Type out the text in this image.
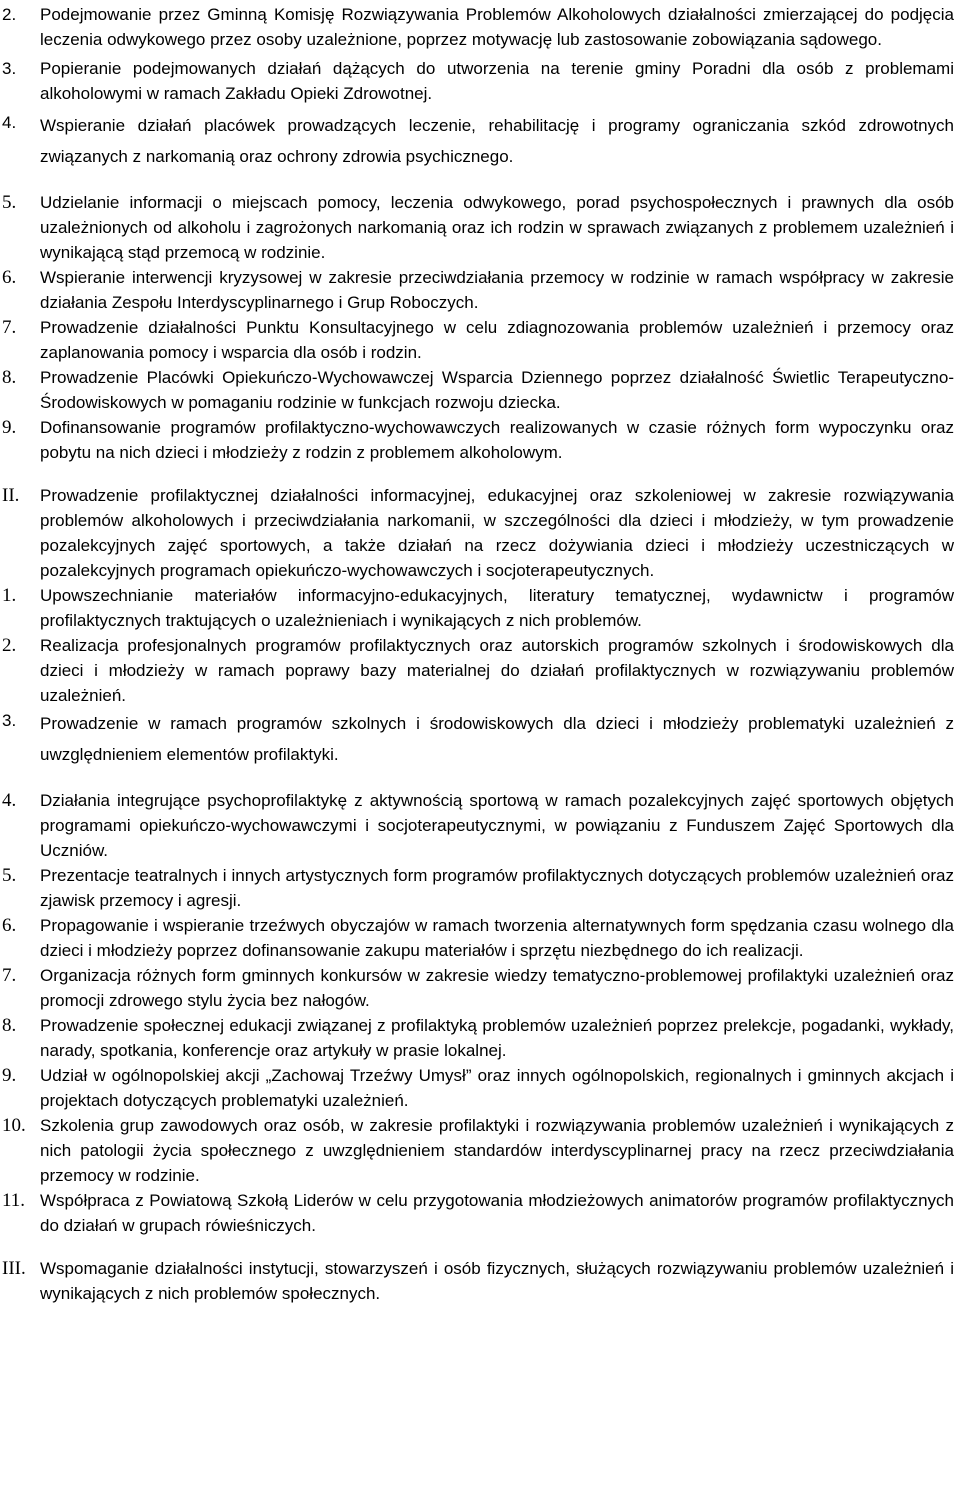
2.	Podejmowanie przez Gminną Komisję Rozwiązywania Problemów Alkoholowych działalności zmierzającej do podjęcia leczenia odwykowego przez osoby uzależnione, poprzez motywację lub zastosowanie zobowiązania sądowego.
3.	Popieranie podejmowanych działań dążących do utworzenia na terenie gminy Poradni dla osób z problemami alkoholowymi w ramach Zakładu Opieki Zdrowotnej.
4.	Wspieranie działań placówek prowadzących leczenie, rehabilitację i programy ograniczania szkód zdrowotnych związanych z narkomanią oraz ochrony zdrowia psychicznego.
5.	Udzielanie informacji o miejscach pomocy, leczenia odwykowego, porad psychospołecznych i prawnych dla osób uzależnionych od alkoholu i zagrożonych narkomanią oraz ich rodzin w sprawach związanych z problemem uzależnień i wynikającą stąd przemocą w rodzinie.
6.	Wspieranie interwencji kryzysowej w zakresie przeciwdziałania przemocy w rodzinie w ramach współpracy w zakresie działania Zespołu Interdyscyplinarnego i Grup Roboczych.
7.	Prowadzenie działalności Punktu Konsultacyjnego w celu zdiagnozowania problemów uzależnień i przemocy oraz zaplanowania pomocy i wsparcia dla osób i rodzin.
8.	Prowadzenie Placówki Opiekuńczo-Wychowawczej Wsparcia Dziennego poprzez działalność Świetlic Terapeutyczno-Środowiskowych w pomaganiu rodzinie w funkcjach rozwoju dziecka.
9.	Dofinansowanie programów profilaktyczno-wychowawczych realizowanych w czasie różnych form wypoczynku oraz pobytu na nich dzieci i młodzieży z rodzin z problemem alkoholowym.
II.	Prowadzenie profilaktycznej działalności informacyjnej, edukacyjnej oraz szkoleniowej w zakresie rozwiązywania problemów alkoholowych i przeciwdziałania narkomanii, w szczególności dla dzieci i młodzieży, w tym prowadzenie pozalekcyjnych zajęć sportowych, a także działań na rzecz dożywiania dzieci i młodzieży uczestniczących w pozalekcyjnych programach opiekuńczo-wychowawczych i socjoterapeutycznych.
1.	Upowszechnianie materiałów informacyjno-edukacyjnych, literatury tematycznej, wydawnictw i programów profilaktycznych traktujących o uzależnieniach i wynikających z nich problemów.
2.	Realizacja profesjonalnych programów profilaktycznych oraz autorskich programów szkolnych i środowiskowych dla dzieci i młodzieży w ramach poprawy bazy materialnej do działań profilaktycznych w rozwiązywaniu problemów uzależnień.
3.	Prowadzenie w ramach programów szkolnych i środowiskowych dla dzieci i młodzieży problematyki uzależnień z uwzględnieniem elementów profilaktyki.
4.	Działania integrujące psychoprofilaktykę z aktywnością sportową w ramach pozalekcyjnych zajęć sportowych objętych programami opiekuńczo-wychowawczymi i socjoterapeutycznymi, w powiązaniu z Funduszem Zajęć Sportowych dla Uczniów.
5.	Prezentacje teatralnych i innych artystycznych form programów profilaktycznych dotyczących problemów uzależnień oraz zjawisk przemocy i agresji.
6.	Propagowanie i wspieranie trzeźwych obyczajów w ramach tworzenia alternatywnych form spędzania czasu wolnego dla dzieci i młodzieży poprzez dofinansowanie zakupu materiałów i sprzętu niezbędnego do ich realizacji.
7.	Organizacja różnych form gminnych konkursów w zakresie wiedzy tematyczno-problemowej profilaktyki uzależnień oraz promocji zdrowego stylu życia bez nałogów.
8.	Prowadzenie społecznej edukacji związanej z profilaktyką problemów uzależnień poprzez prelekcje, pogadanki, wykłady, narady, spotkania, konferencje oraz artykuły w prasie lokalnej.
9.	Udział w ogólnopolskiej akcji „Zachowaj Trzeźwy Umysł” oraz innych ogólnopolskich, regionalnych i gminnych akcjach i projektach dotyczących problematyki uzależnień.
10. Szkolenia grup zawodowych oraz osób, w zakresie profilaktyki i rozwiązywania problemów uzależnień i wynikających z nich patologii życia społecznego z uwzględnieniem standardów interdyscyplinarnej pracy na rzecz przeciwdziałania przemocy w rodzinie.
11. Współpraca z Powiatową Szkołą Liderów w celu przygotowania młodzieżowych animatorów programów profilaktycznych do działań w grupach rówieśniczych.
III. Wspomaganie działalności instytucji, stowarzyszeń i osób fizycznych, służących rozwiązywaniu problemów uzależnień i wynikających z nich problemów społecznych.
